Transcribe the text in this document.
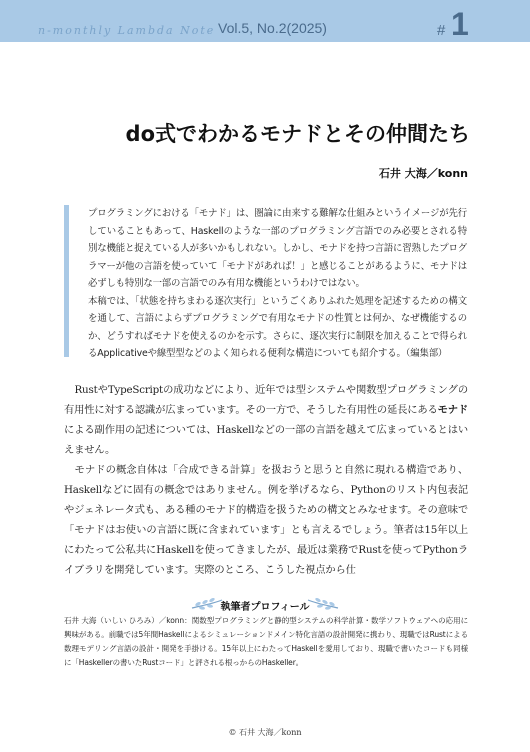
n-monthly Lambda Note Vol.5, No.2(2025)	# 1
do式でわかるモナドとその仲間たち
石井 大海／konn

プログラミングにおける「モナド」は、圏論に由来する難解な仕組みというイメージが先行していることもあって、Haskellのような一部のプログラミング言語でのみ必要とされる特別な機能と捉えている人が多いかもしれない。しかし、モナドを持つ言語に習熟したプログラマーが他の言語を使っていて「モナドがあれば！」と感じることがあるように、モナドは必ずしも特別な一部の言語でのみ有用な機能というわけではない。

本稿では、「状態を持ちまわる逐次実行」というごくありふれた処理を記述するための構文を通して、言語によらずプログラミングで有用なモナドの性質とは何か、なぜ機能するのか、どうすればモナドを使えるのかを示す。さらに、逐次実行に制限を加えることで得られるApplicativeや線型型などのよく知られる便利な構造についても紹介する。（編集部）

RustやTypeScriptの成功などにより、近年では型システムや関数型プログラミングの有用性に対する認識が広まっています。その一方で、そうした有用性の延長にあるモナドによる副作用の記述については、Haskellなどの一部の言語を越えて広まっているとはいえません。

モナドの概念自体は「合成できる計算」を扱おうと思うと自然に現れる構造であり、Haskellなどに固有の概念ではありません。例を挙げるなら、Pythonのリスト内包表記やジェネレータ式も、ある種のモナド的構造を扱うための構文とみなせます。その意味で「モナドはお使いの言語に既に含まれています」とも言えるでしょう。筆者は15年以上にわたって公私共にHaskellを使ってきましたが、最近は業務でRustを使ってPythonライブラリを開発しています。実際のところ、こうした視点から仕

執筆者プロフィール
石井 大海（いしい ひろみ）／konn：関数型プログラミングと静的型システムの科学計算・数学ソフトウェアへの応用に興味がある。前職では5年間Haskellによるシミュレーションドメイン特化言語の設計開発に携わり、現職ではRustによる数理モデリング言語の設計・開発を手掛ける。15年以上にわたってHaskellを愛用しており、現職で書いたコードも同様に「Haskellerの書いたRustコード」と評される根っからのHaskeller。
© 石井 大海／konn
